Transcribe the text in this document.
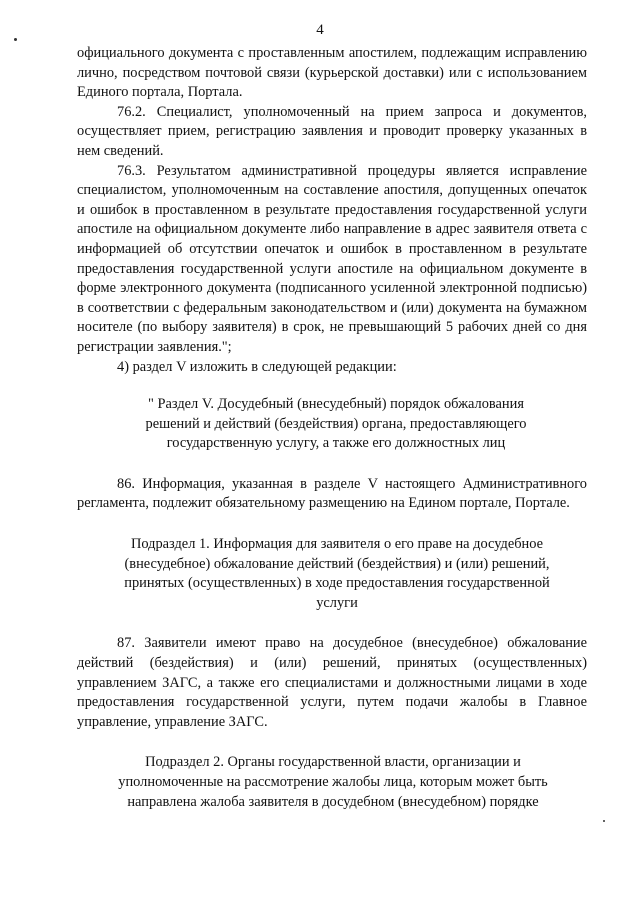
4

официального документа с проставленным апостилем, подлежащим исправлению лично, посредством почтовой связи (курьерской доставки) или с использованием Единого портала, Портала.

76.2. Специалист, уполномоченный на прием запроса и документов, осуществляет прием, регистрацию заявления и проводит проверку указанных в нем сведений.

76.3. Результатом административной процедуры является исправление специалистом, уполномоченным на составление апостиля, допущенных опечаток и ошибок в проставленном в результате предоставления государственной услуги апостиле на официальном документе либо направление в адрес заявителя ответа с информацией об отсутствии опечаток и ошибок в проставленном в результате предоставления государственной услуги апостиле на официальном документе в форме электронного документа (подписанного усиленной электронной подписью) в соответствии с федеральным законодательством и (или) документа на бумажном носителе (по выбору заявителя) в срок, не превышающий 5 рабочих дней со дня регистрации заявления.";

4) раздел V изложить в следующей редакции:

" Раздел V. Досудебный (внесудебный) порядок обжалования решений и действий (бездействия) органа, предоставляющего государственную услугу, а также его должностных лиц

86. Информация, указанная в разделе V настоящего Административного регламента, подлежит обязательному размещению на Едином портале, Портале.

Подраздел 1. Информация для заявителя о его праве на досудебное (внесудебное) обжалование действий (бездействия) и (или) решений, принятых (осуществленных) в ходе предоставления государственной услуги

87. Заявители имеют право на досудебное (внесудебное) обжалование действий (бездействия) и (или) решений, принятых (осуществленных) управлением ЗАГС, а также его специалистами и должностными лицами в ходе предоставления государственной услуги, путем подачи жалобы в Главное управление, управление ЗАГС.

Подраздел 2. Органы государственной власти, организации и уполномоченные на рассмотрение жалобы лица, которым может быть направлена жалоба заявителя в досудебном (внесудебном) порядке
